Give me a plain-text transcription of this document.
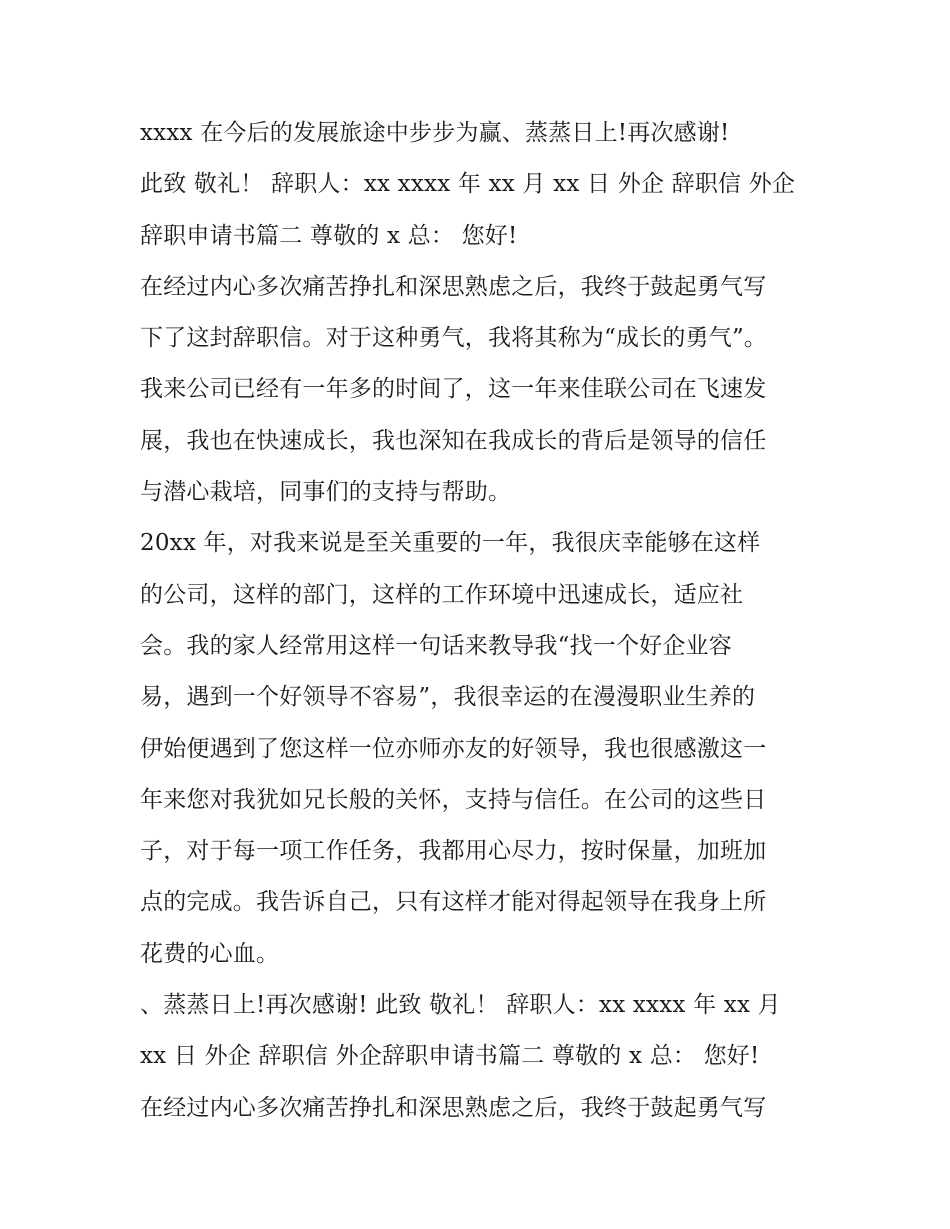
xxxx 在今后的发展旅途中步步为赢、蒸蒸日上!再次感谢!
此致 敬礼！ 辞职人：xx xxxx 年 xx 月 xx 日 外企 辞职信 外企
辞职申请书篇二 尊敬的 x 总： 您好!
在经过内心多次痛苦挣扎和深思熟虑之后，我终于鼓起勇气写
下了这封辞职信。对于这种勇气，我将其称为“成长的勇气”。
我来公司已经有一年多的时间了，这一年来佳联公司在飞速发
展，我也在快速成长，我也深知在我成长的背后是领导的信任
与潜心栽培，同事们的支持与帮助。
20xx 年，对我来说是至关重要的一年，我很庆幸能够在这样
的公司，这样的部门，这样的工作环境中迅速成长，适应社
会。我的家人经常用这样一句话来教导我“找一个好企业容
易，遇到一个好领导不容易”，我很幸运的在漫漫职业生养的
伊始便遇到了您这样一位亦师亦友的好领导，我也很感激这一
年来您对我犹如兄长般的关怀，支持与信任。在公司的这些日
子，对于每一项工作任务，我都用心尽力，按时保量，加班加
点的完成。我告诉自己，只有这样才能对得起领导在我身上所
花费的心血。
、蒸蒸日上!再次感谢! 此致 敬礼！ 辞职人：xx xxxx 年 xx 月
xx 日 外企 辞职信 外企辞职申请书篇二 尊敬的 x 总： 您好!
在经过内心多次痛苦挣扎和深思熟虑之后，我终于鼓起勇气写
